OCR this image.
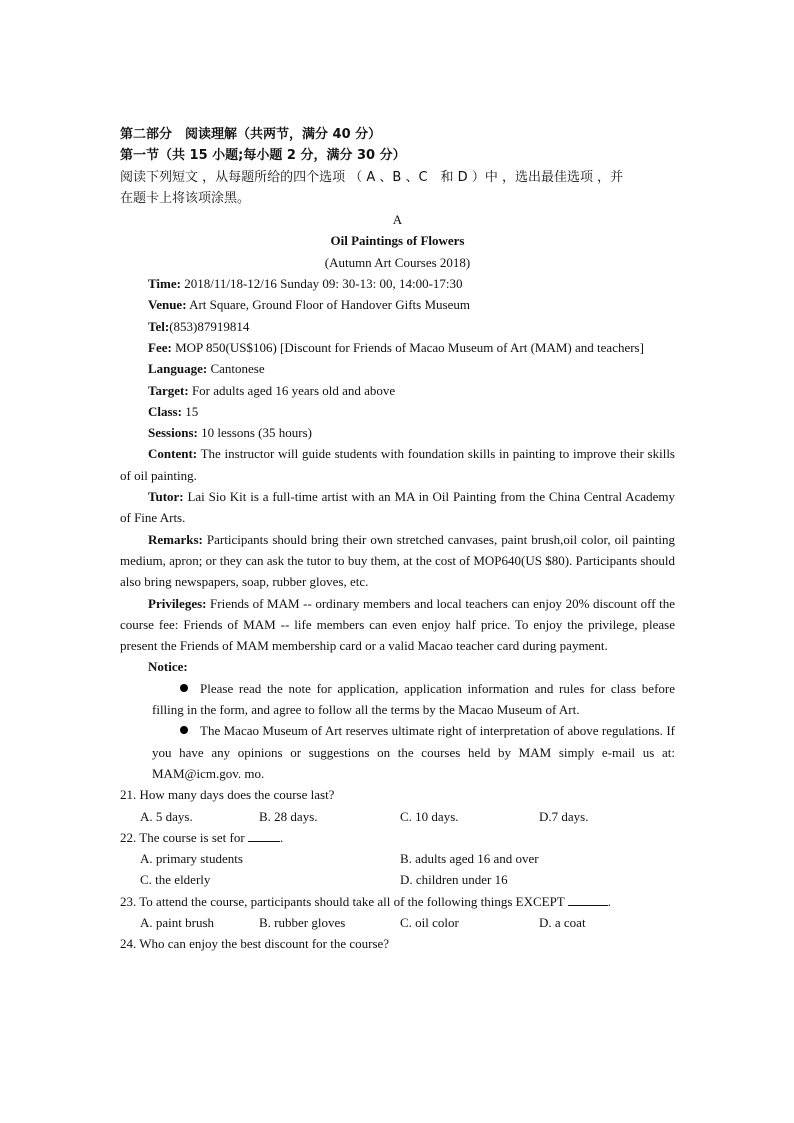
第二部分　阅读理解（共两节，满分 40 分）
第一节（共 15 小题;每小题 2 分，满分 30 分）
阅读下列短文 ，从每题所给的四个选项 （ A 、B 、C　和 D ）中 ，选出最佳选项 ，并
在题卡上将该项涂黑。
A
Oil Paintings of Flowers
(Autumn Art Courses 2018)
Time: 2018/11/18-12/16 Sunday 09: 30-13: 00, 14:00-17:30
Venue: Art Square, Ground Floor of Handover Gifts Museum
Tel:(853)87919814
Fee: MOP 850(US$106) [Discount for Friends of Macao Museum of Art (MAM) and teachers]
Language: Cantonese
Target: For adults aged 16 years old and above
Class: 15
Sessions: 10 lessons (35 hours)
Content: The instructor will guide students with foundation skills in painting to improve their skills of oil painting.
Tutor: Lai Sio Kit is a full-time artist with an MA in Oil Painting from the China Central Academy of Fine Arts.
Remarks: Participants should bring their own stretched canvases, paint brush,oil color, oil painting medium, apron; or they can ask the tutor to buy them, at the cost of MOP640(US $80). Participants should also bring newspapers, soap, rubber gloves, etc.
Privileges: Friends of MAM -- ordinary members and local teachers can enjoy 20% discount off the course fee: Friends of MAM -- life members can even enjoy half price. To enjoy the privilege, please present the Friends of MAM membership card or a valid Macao teacher card during payment.
Notice:
Please read the note for application, application information and rules for class before filling in the form, and agree to follow all the terms by the Macao Museum of Art.
The Macao Museum of Art reserves ultimate right of interpretation of above regulations. If you have any opinions or suggestions on the courses held by MAM simply e-mail us at: MAM@icm.gov. mo.
21. How many days does the course last?
A. 5 days.	B. 28 days.	C. 10 days.	D.7 days.
22. The course is set for	.
A. primary students	B. adults aged 16 and over
C. the elderly	D. children under 16
23. To attend the course, participants should take all of the following things EXCEPT	.
A. paint brush	B. rubber gloves	C. oil color	D. a coat
24. Who can enjoy the best discount for the course?
